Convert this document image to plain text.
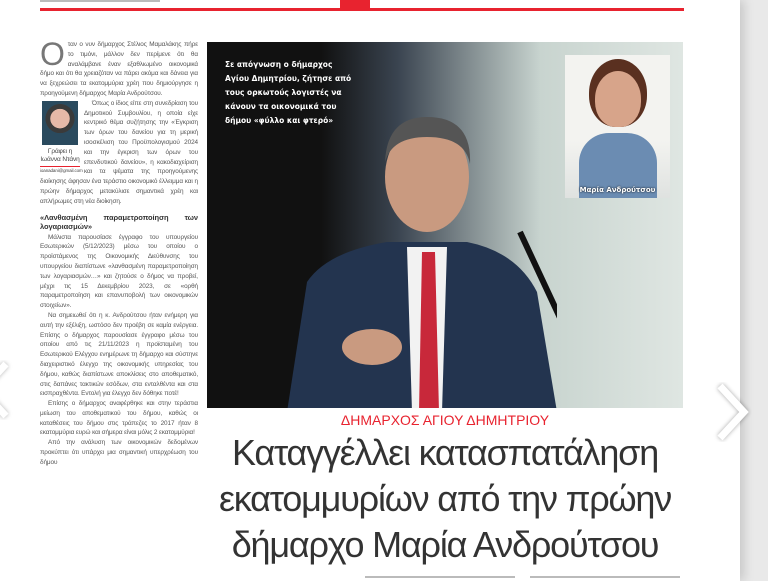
Ο ταν ο νυν δήμαρχος Στέλιος Μαμαλάκης πήρε το τιμόνι, μάλλον δεν περίμενε ότι θα αναλάμβανε έναν εξαθλιωμένο οικονομικά δήμο και ότι θα χρειαζόταν να πάρει ακόμα και δάνεια για να ξεχρεώσει τα εκατομμύρια χρέη που δημιούργησε η προηγούμενη δήμαρχος Μαρία Ανδρούτσου.

Γράφει η Ιωάννα Ντάνη
ioanadani@gmail.com

Όπως ο ίδιος είπε στη συνεδρίαση του Δημοτικού Συμβουλίου, η οποία είχε κεντρικό θέμα συζήτησης την «Έγκριση των όρων του δανείου για τη μερική ισοσκέλιση του Προϋπολογισμού 2024 και την έγκριση των όρων του επενδυτικού δανείου», η κακοδιαχείριση και τα ψέματα της προηγούμενης διοίκησης άφησαν ένα τεράστιο οικονομικό έλλειμμα και η πρώην δήμαρχος μετακύλισε σημαντικά χρέη και απλήρωμες στη νέα διοίκηση.

«Λανθασμένη παραμετροποίηση των λογαριασμών»

Μάλιστα παρουσίασε έγγραφο του υπουργείου Εσωτερικών (5/12/2023) μέσω του οποίου ο προϊστάμενος της Οικονομικής Διεύθυνσης του υπουργείου διαπίστωνε «λανθασμένη παραμετροποίηση των λογαριασμών…» και ζητούσε ο δήμος να προβεί, μέχρι τις 15 Δεκεμβρίου 2023, σε «ορθή παραμετροποίηση και επανυποβολή των οικονομικών στοιχείων».

Να σημειωθεί ότι η κ. Ανδρούτσου ήταν ενήμερη για αυτή την εξέλιξη, ωστόσο δεν προέβη σε καμία ενέργεια. Επίσης ο δήμαρχος παρουσίασε έγγραφο μέσω του οποίου από τις 21/11/2023 η προϊσταμένη του Εσωτερικού Ελέγχου ενημέρωνε τη δήμαρχο και σύστηνε διαχειριστικό έλεγχο της οικονομικής υπηρεσίας του δήμου, καθώς διαπίστωνε αποκλίσεις στο αποθεματικό, στις δαπάνες τακτικών εσόδων, στα ενταλθέντα και στα εισπραχθέντα. Εντολή για έλεγχο δεν δόθηκε ποτέ!

Επίσης ο δήμαρχος αναφέρθηκε και στην τεράστια μείωση του αποθεματικού του δήμου, καθώς οι καταθέσεις του δήμου στις τράπεζες το 2017 ήταν 8 εκατομμύρια ευρώ και σήμερα είναι μόλις 2 εκατομμύρια!

Από την ανάλυση των οικονομικών δεδομένων προκύπτει ότι υπάρχει μια σημαντική υπερχρέωση του δήμου

Σε απόγνωση ο δήμαρχος Αγίου Δημητρίου, ζήτησε από τους ορκωτούς λογιστές να κάνουν τα οικονομικά του δήμου «φύλλο και φτερό»
Μαρία Ανδρούτσου
ΔΗΜΑΡΧΟΣ ΑΓΙΟΥ ΔΗΜΗΤΡΙΟΥ
Καταγγέλλει κατασπατάληση εκατομμυρίων από την πρώην δήμαρχο Μαρία Ανδρούτσου
